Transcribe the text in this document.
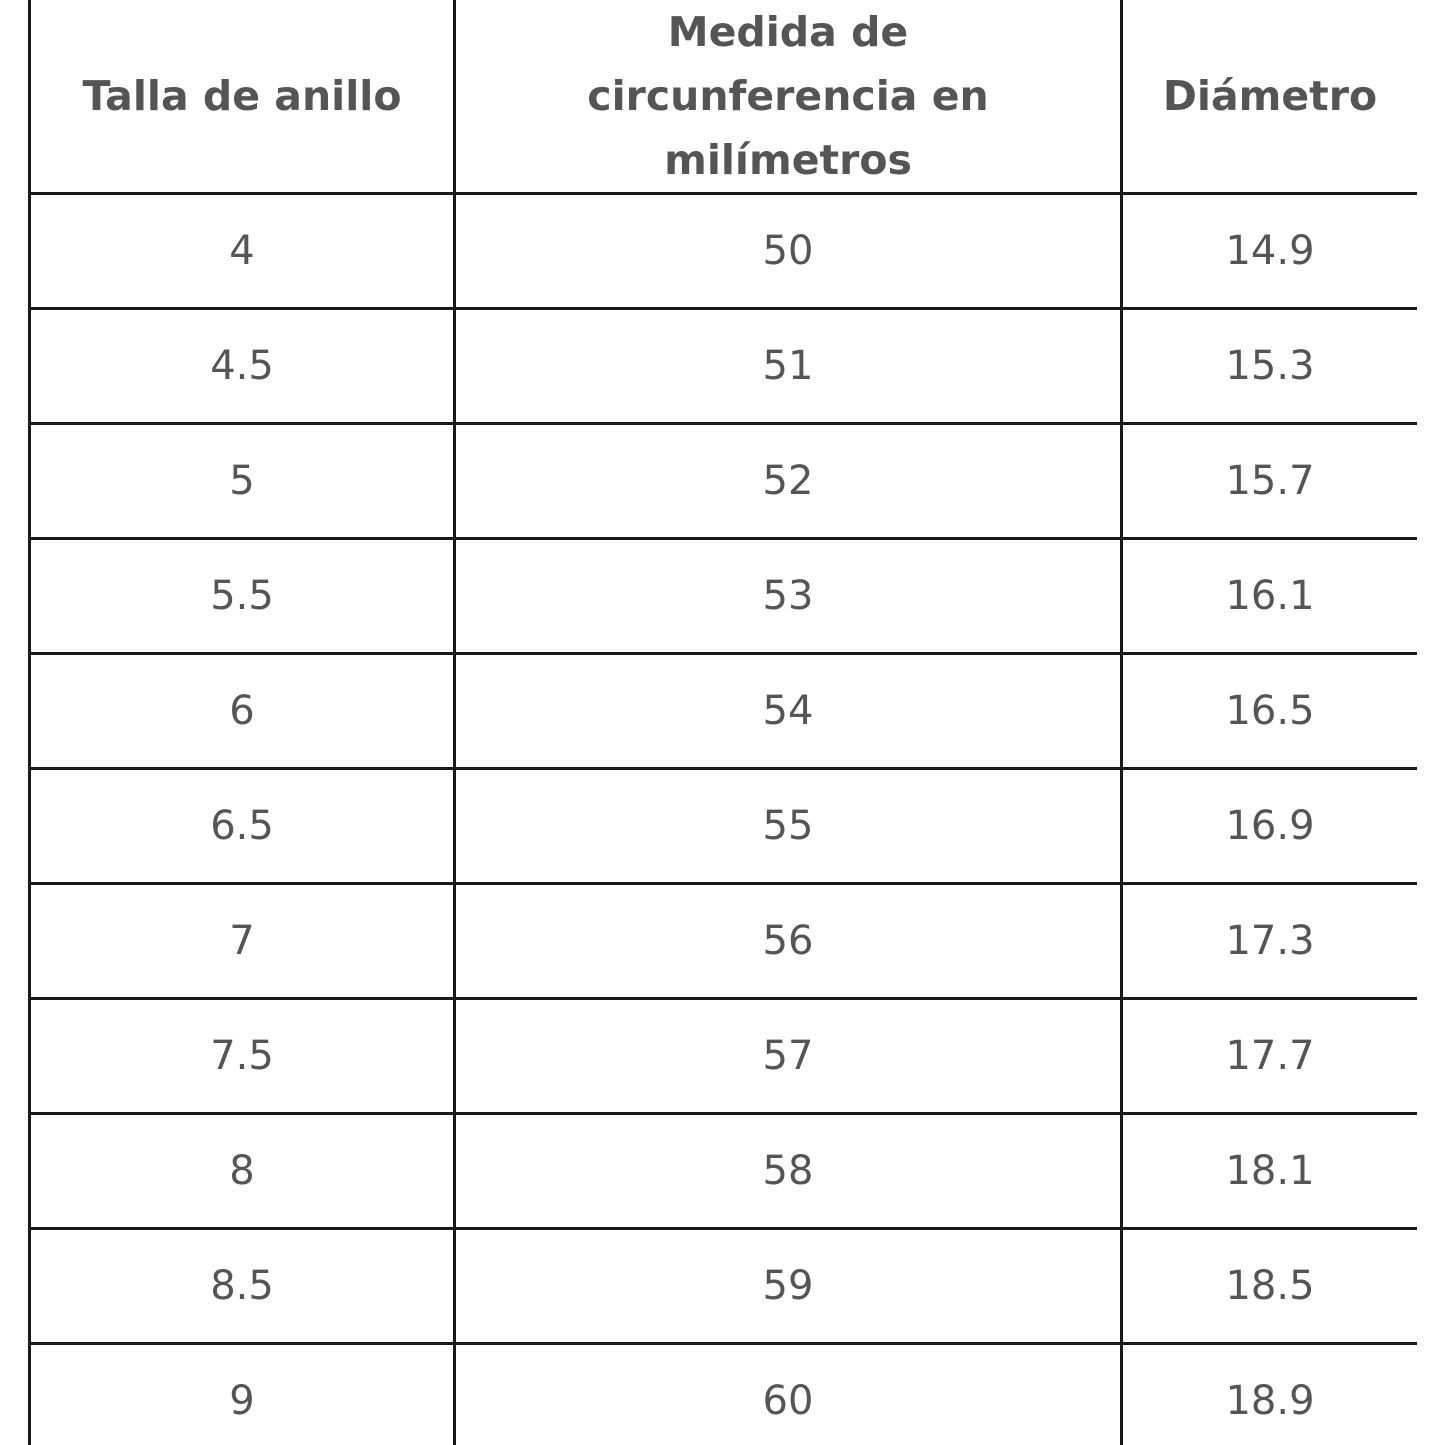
Talla de anillo	Medida de circunferencia en milímetros	Diámetro
4	50	14.9
4.5	51	15.3
5	52	15.7
5.5	53	16.1
6	54	16.5
6.5	55	16.9
7	56	17.3
7.5	57	17.7
8	58	18.1
8.5	59	18.5
9	60	18.9
